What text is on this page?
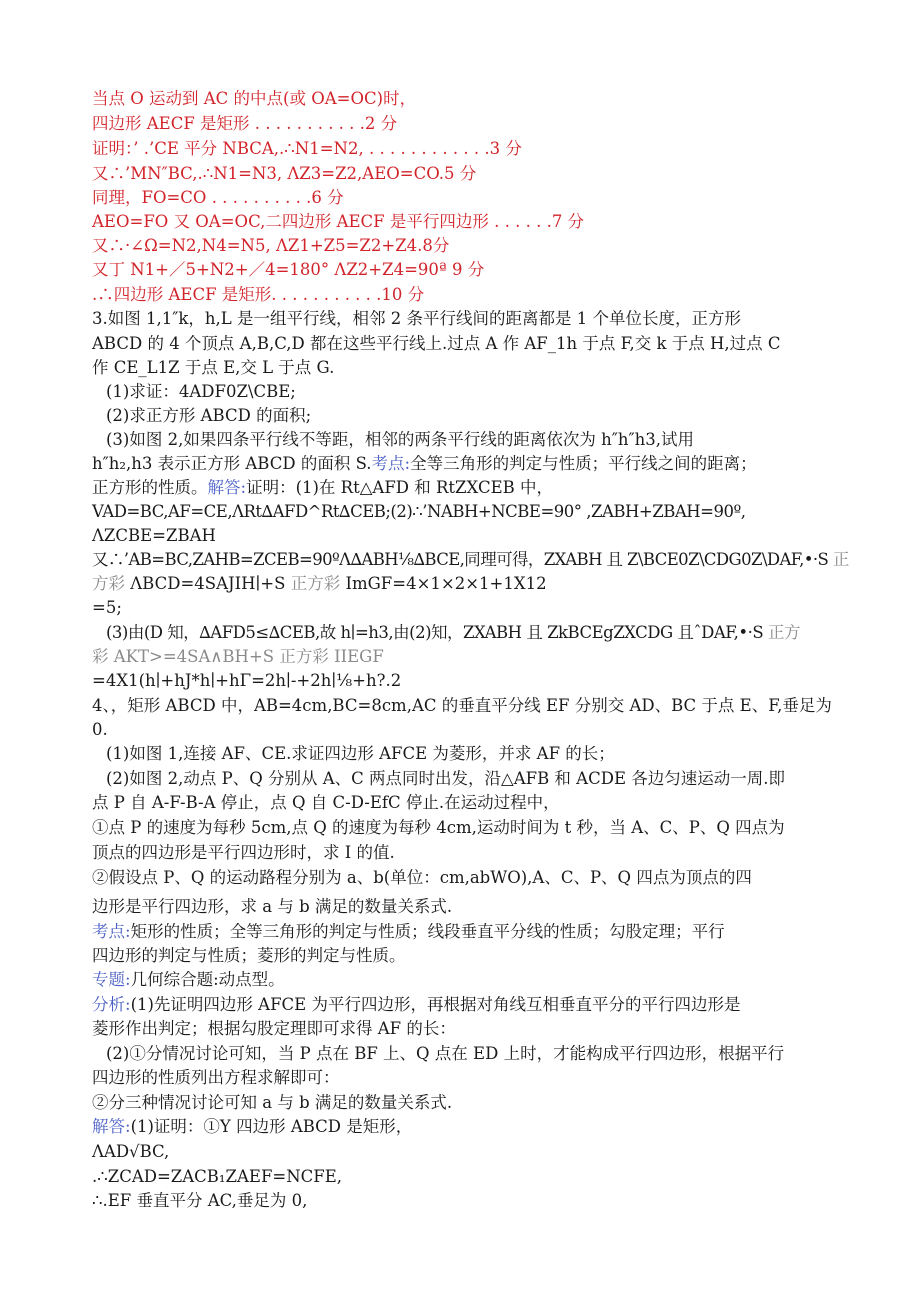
当点 O 运动到 AC 的中点(或 OA=OC)时，
四边形 AECF 是矩形 . . . . . . . . . . .2 分
证明：’ .’CE 平分 NBCA,.∴N1=N2, . . . . . . . . . . . .3 分
又∴’MN″BC,.∴N1=N3, ΛZ3=Z2,AEO=CO.5 分
同理，FO=CO . . . . . . . . . .6 分
AEO=FO 又 OA=OC,二四边形 AECF 是平行四边形 . . . . . .7 分
又∴·∠Ω=N2,N4=N5, ΛZ1+Z5=Z2+Z4.8分
又丁 N1+／5+N2+／4=180° ΛZ2+Z4=90ª 9 分
.∴四边形 AECF 是矩形. . . . . . . . . . .10 分
3.如图 1,1″k，h,L 是一组平行线，相邻 2 条平行线间的距离都是 1 个单位长度，正方形
ABCD 的 4 个顶点 A,B,C,D 都在这些平行线上.过点 A 作 AF_1h 于点 F,交 k 于点 H,过点 C
作 CE_L1Z 于点 E,交 L 于点 G.
(1)求证：4ADF0Z\CBE;
(2)求正方形 ABCD 的面积;
(3)如图 2,如果四条平行线不等距，相邻的两条平行线的距离依次为 h″h″h3,试用
h″h₂,h3 表示正方形 ABCD 的面积 S.考点:全等三角形的判定与性质；平行线之间的距离；
正方形的性质。解答:证明：(1)在 Rt△AFD 和 RtZXCEB 中，
VAD=BC,AF=CE,ΛRt∆AFD^Rt∆CEB;(2)∴’NABH+NCBE=90° ,ZABH+ZBAH=90º,
ΛZCBE=ZBAH
又∴’AB=BC,ZAHB=ZCEB=90ºΛ∆ABH⅛∆BCE,同理可得，ZXABH 且 Z\BCE0Z\CDG0Z\DAF,•·S 正
方彩 ΛBCD=4SAJIH∣+S 正方彩 ImGF=4×1×2×1+1X12
=5;
(3)由(D 知，∆AFD5≤∆CEB,故 h∣=h3,由(2)知，ZXABH 且 ZkBCEgZXCDG 且ˆDAF,•·S 正方
彩 AKT>=4SA∧BH+S 正方彩 IIEGF
=4X1(h∣+hJ*h∣+hΓ=2h∣-+2h∣⅛+h?.2
4、，矩形 ABCD 中，AB=4cm,BC=8cm,AC 的垂直平分线 EF 分别交 AD、BC 于点 E、F,垂足为
0.
(1)如图 1,连接 AF、CE.求证四边形 AFCE 为菱形，并求 AF 的长；
(2)如图 2,动点 P、Q 分别从 A、C 两点同时出发，沿△AFB 和 ACDE 各边匀速运动一周.即
点 P 自 A-F-B-A 停止，点 Q 自 C-D-EfC 停止.在运动过程中，
①点 P 的速度为每秒 5cm,点 Q 的速度为每秒 4cm,运动时间为 t 秒，当 A、C、P、Q 四点为
顶点的四边形是平行四边形时，求 I 的值.
②假设点 P、Q 的运动路程分别为 a、b(单位：cm,abWO),A、C、P、Q 四点为顶点的四
边形是平行四边形，求 a 与 b 满足的数量关系式.
考点:矩形的性质；全等三角形的判定与性质；线段垂直平分线的性质；勾股定理；平行
四边形的判定与性质；菱形的判定与性质。
专题:几何综合题:动点型。
分析:(1)先证明四边形 AFCE 为平行四边形，再根据对角线互相垂直平分的平行四边形是
菱形作出判定；根据勾股定理即可求得 AF 的长：
(2)①分情况讨论可知，当 P 点在 BF 上、Q 点在 ED 上时，才能构成平行四边形，根据平行
四边形的性质列出方程求解即可：
②分三种情况讨论可知 a 与 b 满足的数量关系式.
解答:(1)证明：①Y 四边形 ABCD 是矩形，
ΛAD√BC,
.∴ZCAD=ZACB₁ZAEF=NCFE,
∴.EF 垂直平分 AC,垂足为 0,
